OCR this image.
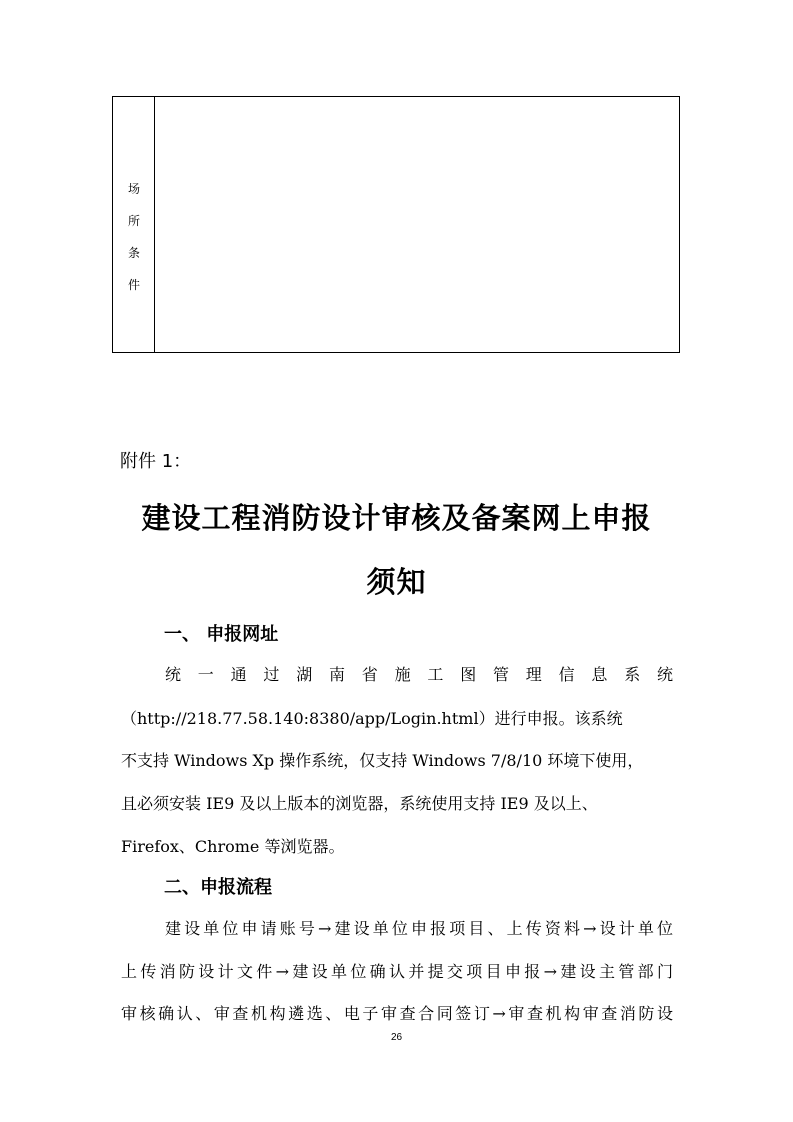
场
所
条
件
附件 1：
建设工程消防设计审核及备案网上申报
须知
一、 申报网址
统 一 通 过 湖 南 省 施 工 图 管 理 信 息 系 统
（http://218.77.58.140:8380/app/Login.html）进行申报。该系统
不支持 Windows Xp 操作系统，仅支持 Windows 7/8/10 环境下使用，
且必须安装 IE9 及以上版本的浏览器，系统使用支持 IE9 及以上、
Firefox、Chrome 等浏览器。
二、申报流程
建设单位申请账号→建设单位申报项目、上传资料→设计单位
上传消防设计文件→建设单位确认并提交项目申报→建设主管部门
审核确认、审查机构遴选、电子审查合同签订→审查机构审查消防设
26
